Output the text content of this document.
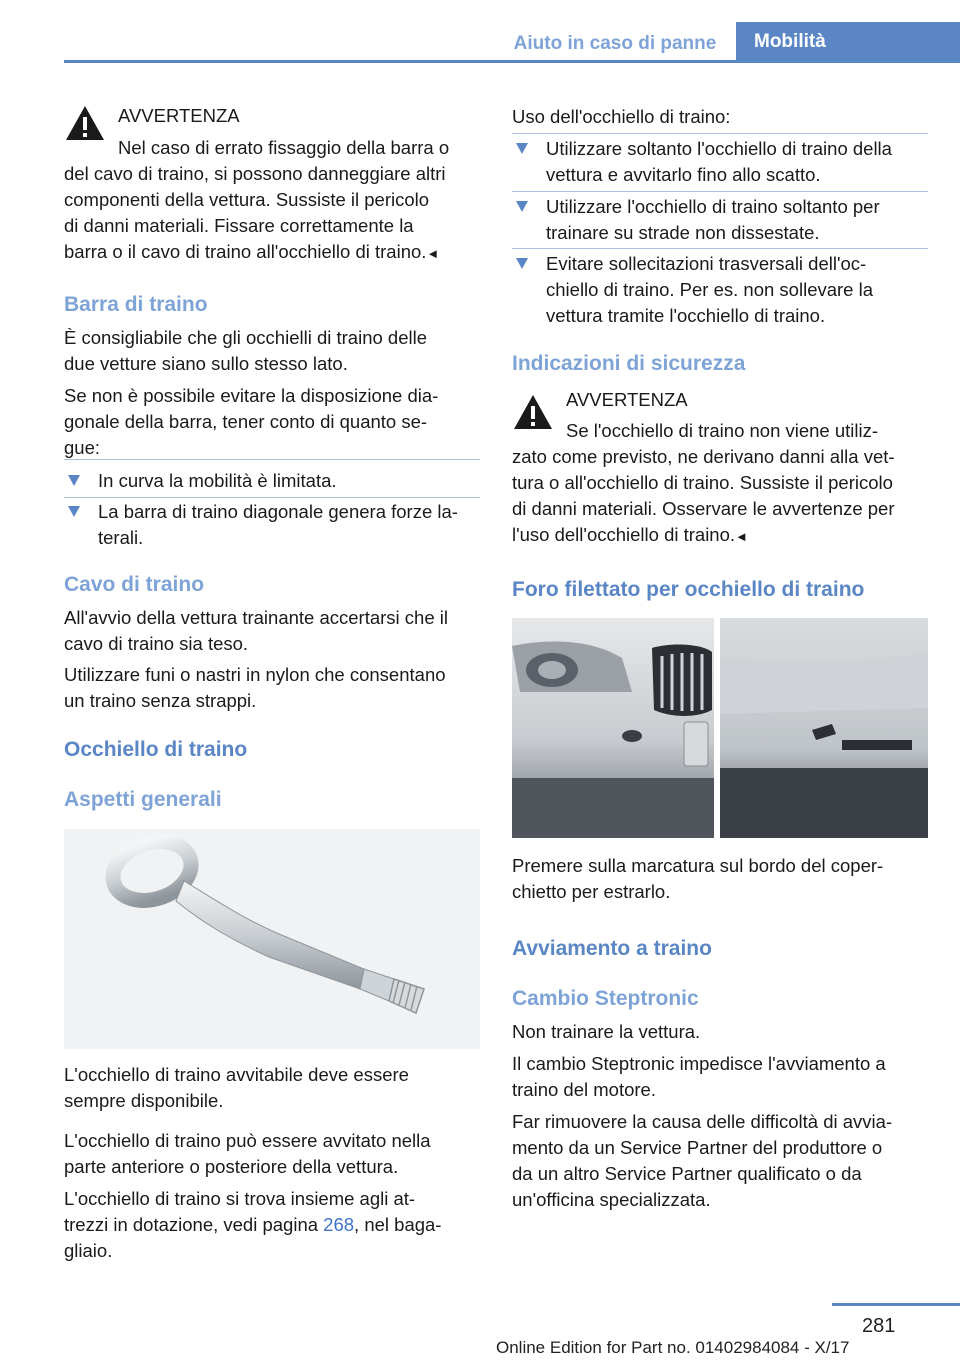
Aiuto in caso di panne	Mobilità

AVVERTENZA

Nel caso di errato fissaggio della barra o

del cavo di traino, si possono danneggiare altri

componenti della vettura. Sussiste il pericolo

di danni materiali. Fissare correttamente la

barra o il cavo di traino all'occhiello di traino.◄

Barra di traino

È consigliabile che gli occhielli di traino delle

due vetture siano sullo stesso lato.

Se non è possibile evitare la disposizione dia-

gonale della barra, tener conto di quanto se-

gue:

In curva la mobilità è limitata.
La barra di traino diagonale genera forze la-
terali.

Cavo di traino

All'avvio della vettura trainante accertarsi che il

cavo di traino sia teso.

Utilizzare funi o nastri in nylon che consentano

un traino senza strappi.

Occhiello di traino

Aspetti generali

L'occhiello di traino avvitabile deve essere

sempre disponibile.

L'occhiello di traino può essere avvitato nella

parte anteriore o posteriore della vettura.

L'occhiello di traino si trova insieme agli at-

trezzi in dotazione, vedi pagina 268, nel baga-

gliaio.

Uso dell'occhiello di traino:

Utilizzare soltanto l'occhiello di traino della
vettura e avvitarlo fino allo scatto.
Utilizzare l'occhiello di traino soltanto per
trainare su strade non dissestate.
Evitare sollecitazioni trasversali dell'oc-
chiello di traino. Per es. non sollevare la
vettura tramite l'occhiello di traino.

Indicazioni di sicurezza

AVVERTENZA

Se l'occhiello di traino non viene utiliz-

zato come previsto, ne derivano danni alla vet-

tura o all'occhiello di traino. Sussiste il pericolo

di danni materiali. Osservare le avvertenze per

l'uso dell'occhiello di traino.◄

Foro filettato per occhiello di traino

Premere sulla marcatura sul bordo del coper-

chietto per estrarlo.

Avviamento a traino

Cambio Steptronic

Non trainare la vettura.

Il cambio Steptronic impedisce l'avviamento a

traino del motore.

Far rimuovere la causa delle difficoltà di avvia-

mento da un Service Partner del produttore o

da un altro Service Partner qualificato o da

un'officina specializzata.

281
Online Edition for Part no. 01402984084 - X/17
